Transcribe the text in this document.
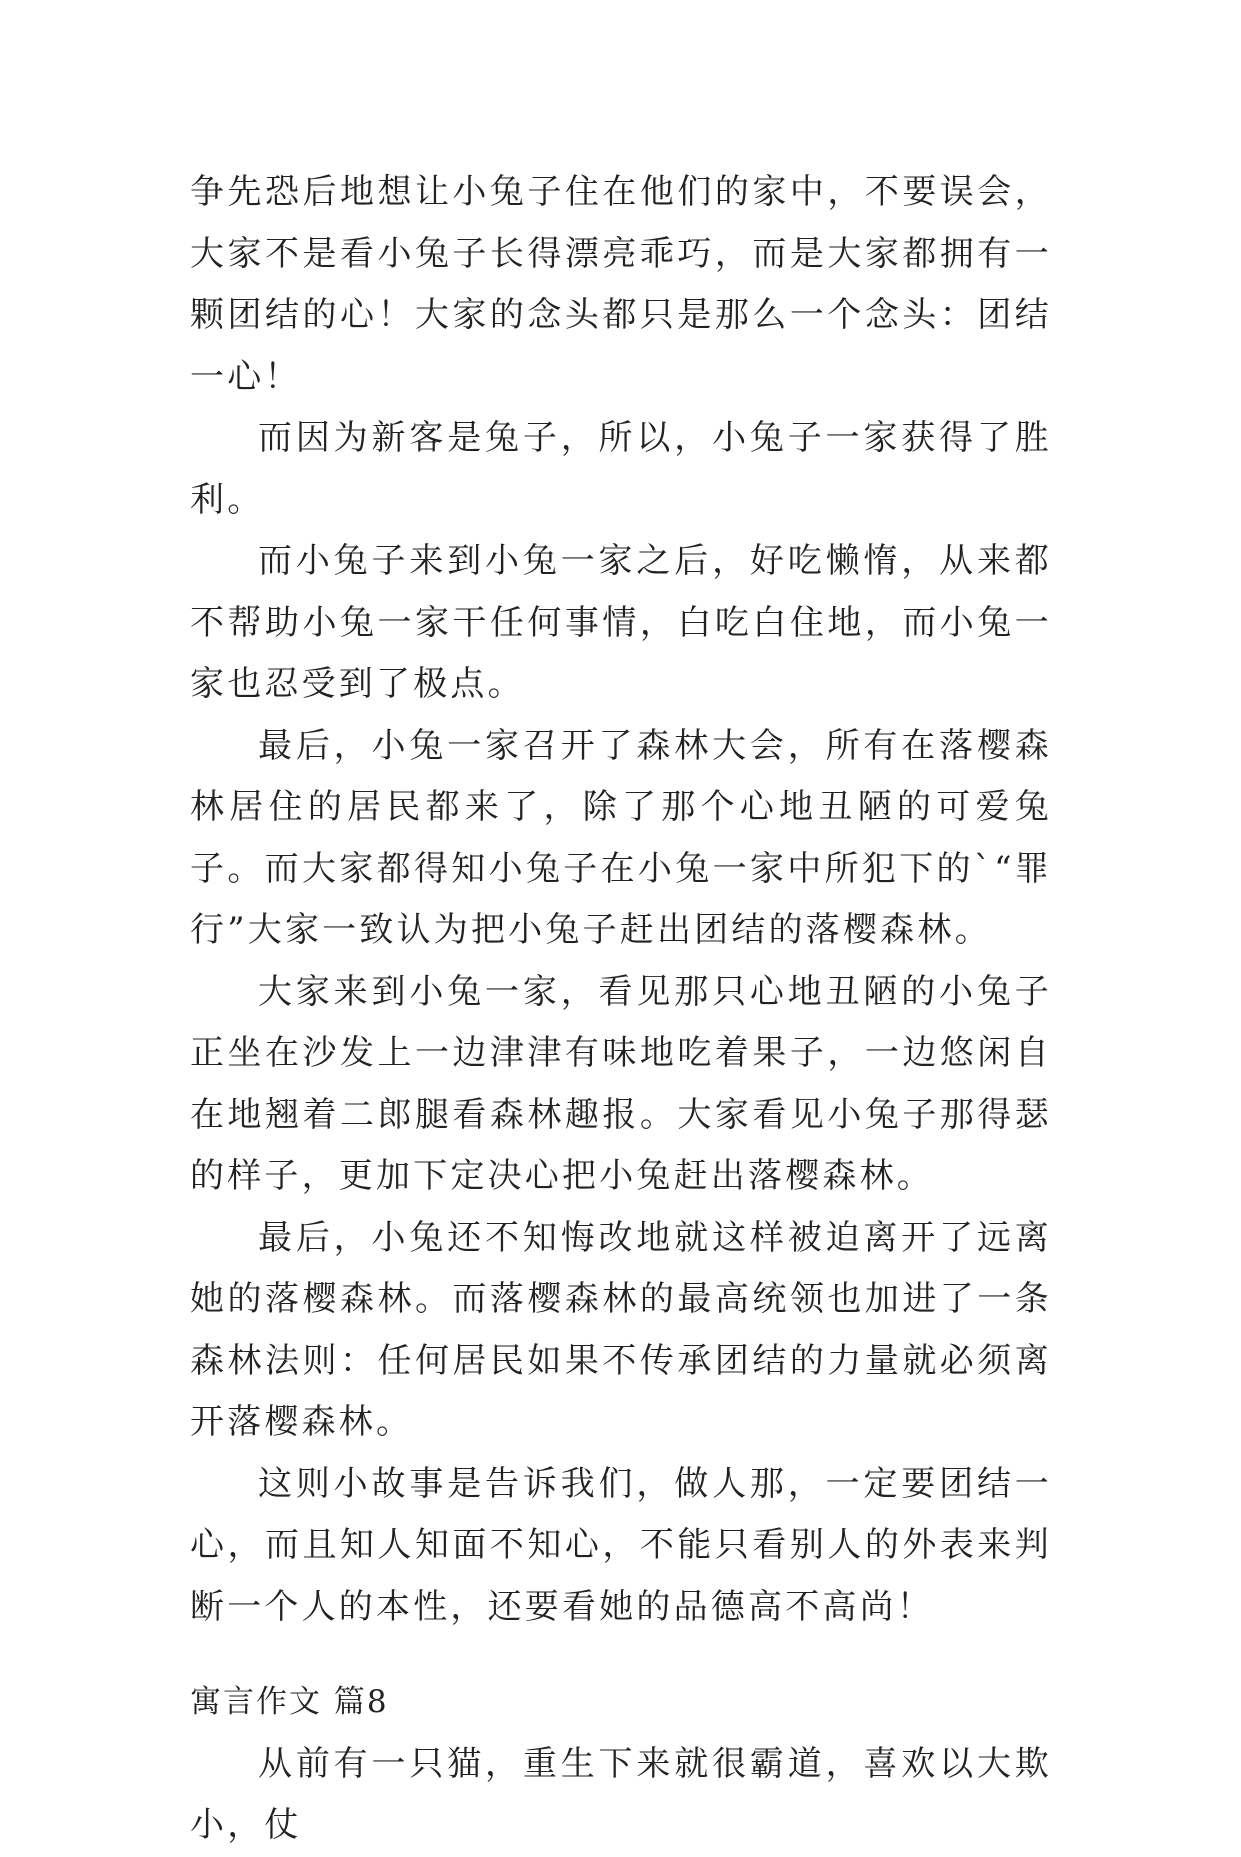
争先恐后地想让小兔子住在他们的家中，不要误会，大家不是看小兔子长得漂亮乖巧，而是大家都拥有一颗团结的心！大家的念头都只是那么一个念头：团结一心！

而因为新客是兔子，所以，小兔子一家获得了胜利。

而小兔子来到小兔一家之后，好吃懒惰，从来都不帮助小兔一家干任何事情，白吃白住地，而小兔一家也忍受到了极点。

最后，小兔一家召开了森林大会，所有在落樱森林居住的居民都来了，除了那个心地丑陋的可爱兔子。而大家都得知小兔子在小兔一家中所犯下的`“罪行”大家一致认为把小兔子赶出团结的落樱森林。

大家来到小兔一家，看见那只心地丑陋的小兔子正坐在沙发上一边津津有味地吃着果子，一边悠闲自在地翘着二郎腿看森林趣报。大家看见小兔子那得瑟的样子，更加下定决心把小兔赶出落樱森林。

最后，小兔还不知悔改地就这样被迫离开了远离她的落樱森林。而落樱森林的最高统领也加进了一条森林法则：任何居民如果不传承团结的力量就必须离开落樱森林。

这则小故事是告诉我们，做人那，一定要团结一心，而且知人知面不知心，不能只看别人的外表来判断一个人的本性，还要看她的品德高不高尚！

寓言作文 篇8

从前有一只猫，重生下来就很霸道，喜欢以大欺小，仗
